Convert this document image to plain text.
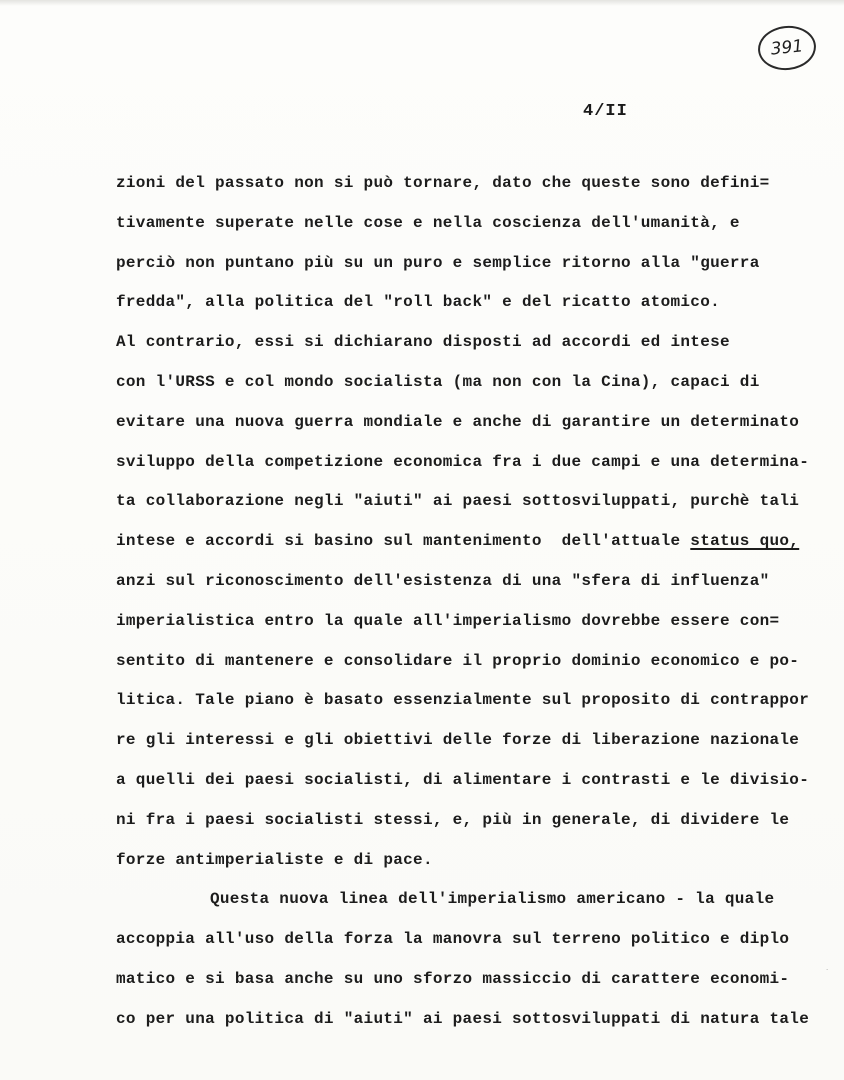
391
4/II
zioni del passato non si può tornare, dato che queste sono defini=
tivamente superate nelle cose e nella coscienza dell'umanità, e
perciò non puntano più su un puro e semplice ritorno alla "guerra
fredda", alla politica del "roll back" e del ricatto atomico.
Al contrario, essi si dichiarano disposti ad accordi ed intese
con l'URSS e col mondo socialista (ma non con la Cina), capaci di
evitare una nuova guerra mondiale e anche di garantire un determinato
sviluppo della competizione economica fra i due campi e una determina-
ta collaborazione negli "aiuti" ai paesi sottosviluppati, purchè tali
intese e accordi si basino sul mantenimento  dell'attuale status quo,
anzi sul riconoscimento dell'esistenza di una "sfera di influenza"
imperialistica entro la quale all'imperialismo dovrebbe essere con=
sentito di mantenere e consolidare il proprio dominio economico e po-
litica. Tale piano è basato essenzialmente sul proposito di contrappor
re gli interessi e gli obiettivi delle forze di liberazione nazionale
a quelli dei paesi socialisti, di alimentare i contrasti e le divisio-
ni fra i paesi socialisti stessi, e, più in generale, di dividere le
forze antimperialiste e di pace.
Questa nuova linea dell'imperialismo americano - la quale
accoppia all'uso della forza la manovra sul terreno politico e diplo
matico e si basa anche su uno sforzo massiccio di carattere economi-
co per una politica di "aiuti" ai paesi sottosviluppati di natura tale
·
